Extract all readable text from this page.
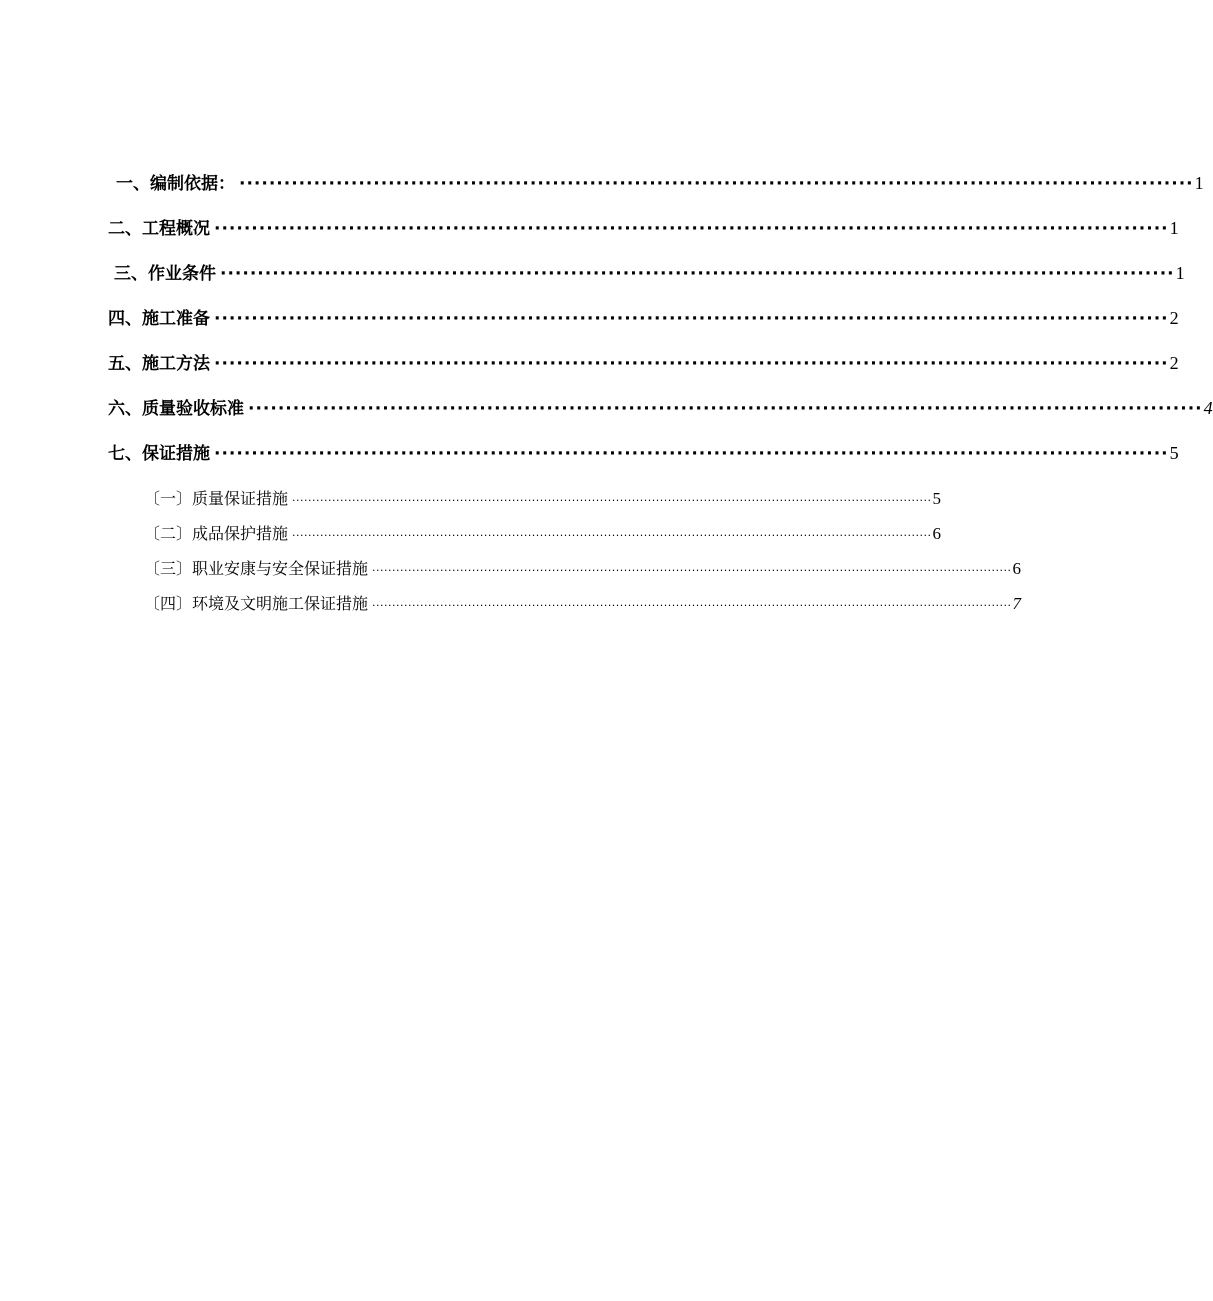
一、编制依据： ································································································································ 1
二、工程概况 ································································································································ 1
三、作业条件 ································································································································ 1
四、施工准备 ································································································································ 2
五、施工方法 ································································································································ 2
六、质量验收标准 ································································································································ 4
七、保证措施 ································································································································ 5
〔一〕质量保证措施 ································································································································································ 5
〔二〕成品保护措施 ································································································································································ 6
〔三〕职业安康与安全保证措施 ································································································································································ 6
〔四〕环境及文明施工保证措施 ································································································································································ 7
